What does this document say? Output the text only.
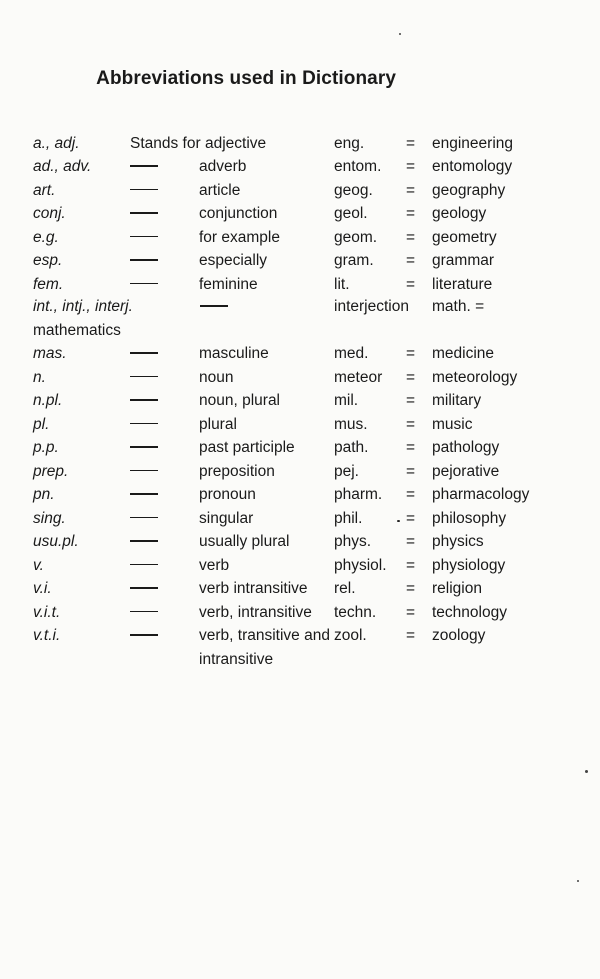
Abbreviations used in Dictionary
a., adj.	Stands for adjective	eng.	= engineering
ad., adv.	adverb	entom. = entomology
art.	article	geog. = geography
conj.	conjunction	geol. = geology
e.g.	for example	geom. = geometry
esp.	especially	gram. = grammar
fem.	feminine	lit.	= literature
int., intj., interj.	interjection math. =
mathematics
mas.	masculine	med. = medicine
n.	noun	meteor = meteorology
n.pl.	noun, plural	mil.	= military
pl.	plural	mus. = music
p.p.	past participle	path. = pathology
prep.	preposition	pej.	= pejorative
pn.	pronoun	pharm. = pharmacology
sing.	singular	phil.	= philosophy
usu.pl.	usually plural	phys. = physics
v.	verb	physiol. = physiology
v.i.	verb intransitive rel.	= religion
v.i.t.	verb, intransitive techn. = technology
v.t.i.	verb, transitive and zool.	= zoology
intransitive
